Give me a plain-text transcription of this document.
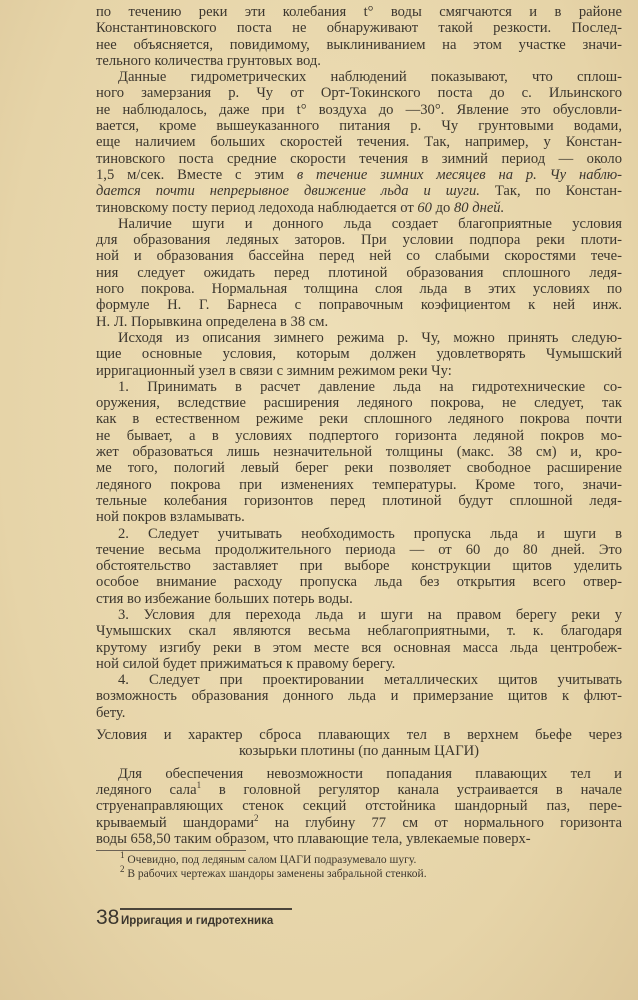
по течению реки эти колебания t° воды смягчаются и в районе
Константиновского поста не обнаруживают такой резкости. Послед-
нее объясняется, повидимому, выклиниванием на этом участке значи-
тельного количества грунтовых вод.
Данные гидрометрических наблюдений показывают, что сплош-
ного замерзания р. Чу от Орт-Токинского поста до с. Ильинского
не наблюдалось, даже при t° воздуха до —30°. Явление это обусловли-
вается, кроме вышеуказанного питания р. Чу грунтовыми водами,
еще наличием больших скоростей течения. Так, например, у Констан-
тиновского поста средние скорости течения в зимний период — около
1,5 м/сек. Вместе с этим в течение зимних месяцев на р. Чу наблю-
дается почти непрерывное движение льда и шуги. Так, по Констан-
тиновскому посту период ледохода наблюдается от 60 до 80 дней.
Наличие шуги и донного льда создает благоприятные условия
для образования ледяных заторов. При условии подпора реки плоти-
ной и образования бассейна перед ней со слабыми скоростями тече-
ния следует ожидать перед плотиной образования сплошного ледя-
ного покрова. Нормальная толщина слоя льда в этих условиях по
формуле Н. Г. Барнеса с поправочным коэфициентом к ней инж.
Н. Л. Порывкина определена в 38 см.
Исходя из описания зимнего режима р. Чу, можно принять следую-
щие основные условия, которым должен удовлетворять Чумышский
ирригационный узел в связи с зимним режимом реки Чу:
1. Принимать в расчет давление льда на гидротехнические со-
оружения, вследствие расширения ледяного покрова, не следует, так
как в естественном режиме реки сплошного ледяного покрова почти
не бывает, а в условиях подпертого горизонта ледяной покров мо-
жет образоваться лишь незначительной толщины (макс. 38 см) и, кро-
ме того, пологий левый берег реки позволяет свободное расширение
ледяного покрова при изменениях температуры. Кроме того, значи-
тельные колебания горизонтов перед плотиной будут сплошной ледя-
ной покров взламывать.
2. Следует учитывать необходимость пропуска льда и шуги в
течение весьма продолжительного периода — от 60 до 80 дней. Это
обстоятельство заставляет при выборе конструкции щитов уделить
особое внимание расходу пропуска льда без открытия всего отвер-
стия во избежание больших потерь воды.
3. Условия для перехода льда и шуги на правом берегу реки у
Чумышских скал являются весьма неблагоприятными, т. к. благодаря
крутому изгибу реки в этом месте вся основная масса льда центробеж-
ной силой будет прижиматься к правому берегу.
4. Следует при проектировании металлических щитов учитывать
возможность образования донного льда и примерзание щитов к флют-
бету.
Условия и характер сброса плавающих тел в верхнем бьефе через
козырьки плотины (по данным ЦАГИ)
Для обеспечения невозможности попадания плавающих тел и
ледяного сала$^1$ в головной регулятор канала устраивается в начале
струенаправляющих стенок секций отстойника шандорный паз, пере-
крываемый шандорами$^2$ на глубину 77 см от нормального горизонта
воды 658,50 таким образом, что плавающие тела, увлекаемые поверх-
$^1$ Очевидно, под ледяным салом ЦАГИ подразумевало шугу.
$^2$ В рабочих чертежах шандоры заменены забральной стенкой.
38 Ирригация и гидротехника
